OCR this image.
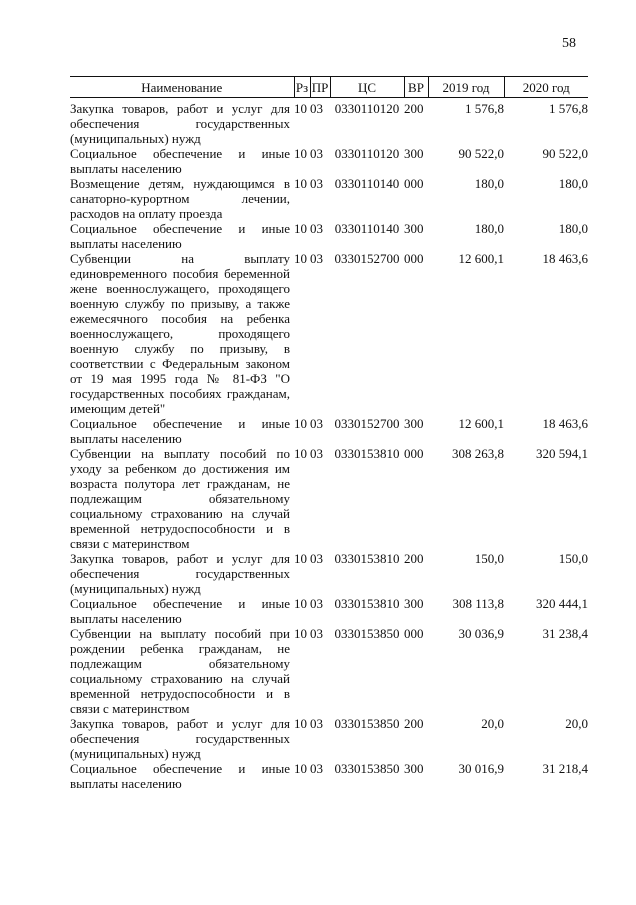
58
Наименование	Рз	ПР	ЦС	ВР	2019 год	2020 год
Закупка товаров, работ и услуг для обеспечения государственных (муниципальных) нужд	10	03	0330110120	200	1 576,8	1 576,8
Социальное обеспечение и иные выплаты населению	10	03	0330110120	300	90 522,0	90 522,0
Возмещение детям, нуждающимся в санаторно-курортном лечении, расходов на оплату проезда	10	03	0330110140	000	180,0	180,0
Социальное обеспечение и иные выплаты населению	10	03	0330110140	300	180,0	180,0
Субвенции на выплату единовременного пособия беременной жене военнослужащего, проходящего военную службу по призыву, а также ежемесячного пособия на ребенка военнослужащего, проходящего военную службу по призыву, в соответствии с Федеральным законом от 19 мая 1995 года № 81-ФЗ "О государственных пособиях гражданам, имеющим детей"	10	03	0330152700	000	12 600,1	18 463,6
Социальное обеспечение и иные выплаты населению	10	03	0330152700	300	12 600,1	18 463,6
Субвенции на выплату пособий по уходу за ребенком до достижения им возраста полутора лет гражданам, не подлежащим обязательному социальному страхованию на случай временной нетрудоспособности и в связи с материнством	10	03	0330153810	000	308 263,8	320 594,1
Закупка товаров, работ и услуг для обеспечения государственных (муниципальных) нужд	10	03	0330153810	200	150,0	150,0
Социальное обеспечение и иные выплаты населению	10	03	0330153810	300	308 113,8	320 444,1
Субвенции на выплату пособий при рождении ребенка гражданам, не подлежащим обязательному социальному страхованию на случай временной нетрудоспособности и в связи с материнством	10	03	0330153850	000	30 036,9	31 238,4
Закупка товаров, работ и услуг для обеспечения государственных (муниципальных) нужд	10	03	0330153850	200	20,0	20,0
Социальное обеспечение и иные выплаты населению	10	03	0330153850	300	30 016,9	31 218,4
